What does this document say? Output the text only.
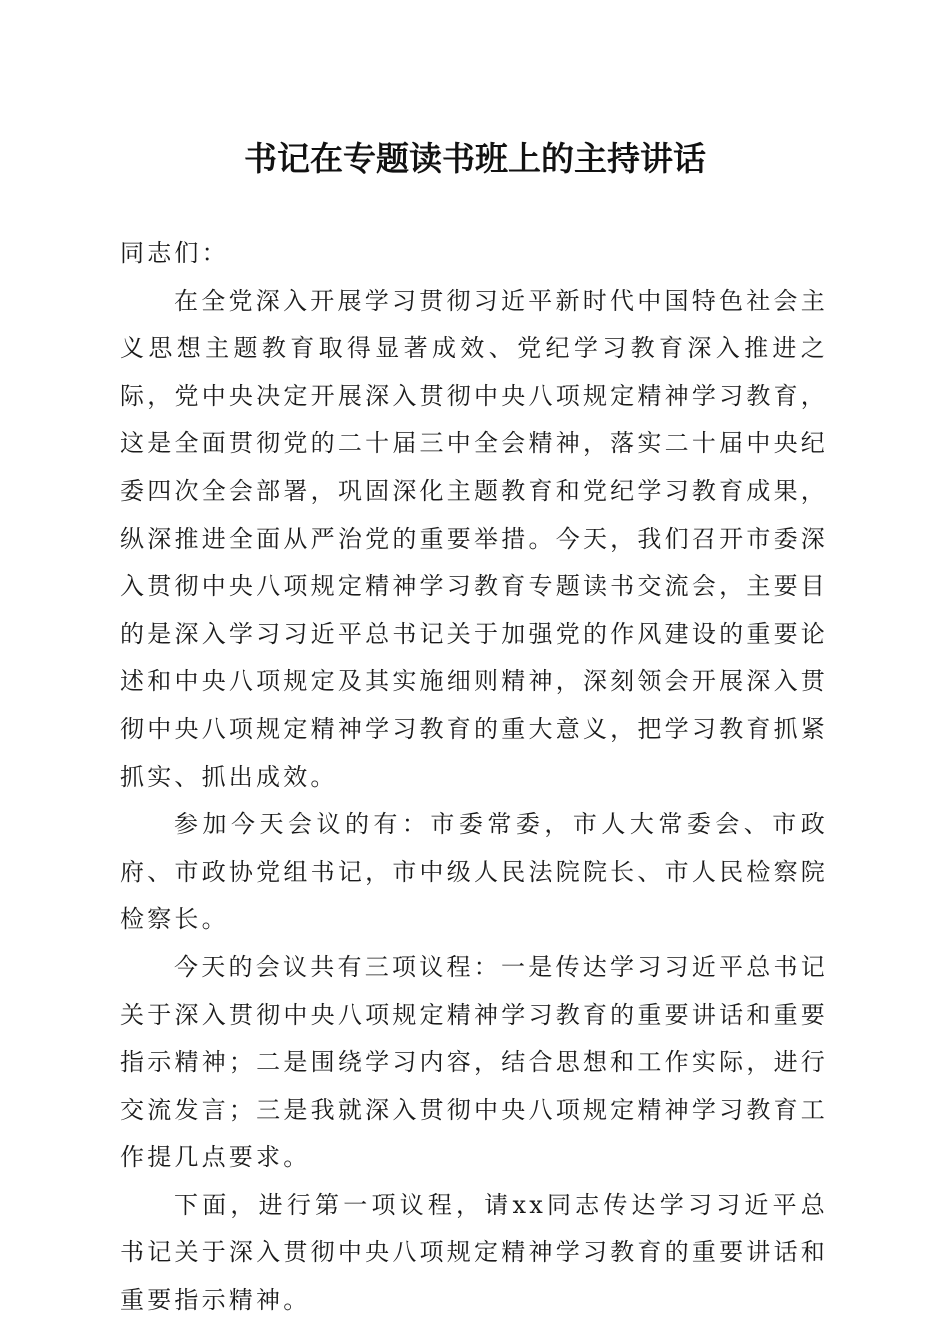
书记在专题读书班上的主持讲话

同志们：

在全党深入开展学习贯彻习近平新时代中国特色社会主义思想主题教育取得显著成效、党纪学习教育深入推进之际，党中央决定开展深入贯彻中央八项规定精神学习教育，这是全面贯彻党的二十届三中全会精神，落实二十届中央纪委四次全会部署，巩固深化主题教育和党纪学习教育成果，纵深推进全面从严治党的重要举措。今天，我们召开市委深入贯彻中央八项规定精神学习教育专题读书交流会，主要目的是深入学习习近平总书记关于加强党的作风建设的重要论述和中央八项规定及其实施细则精神，深刻领会开展深入贯彻中央八项规定精神学习教育的重大意义，把学习教育抓紧抓实、抓出成效。

参加今天会议的有：市委常委，市人大常委会、市政府、市政协党组书记，市中级人民法院院长、市人民检察院检察长。

今天的会议共有三项议程：一是传达学习习近平总书记关于深入贯彻中央八项规定精神学习教育的重要讲话和重要指示精神；二是围绕学习内容，结合思想和工作实际，进行交流发言；三是我就深入贯彻中央八项规定精神学习教育工作提几点要求。

下面，进行第一项议程，请xx同志传达学习习近平总书记关于深入贯彻中央八项规定精神学习教育的重要讲话和重要指示精神。
